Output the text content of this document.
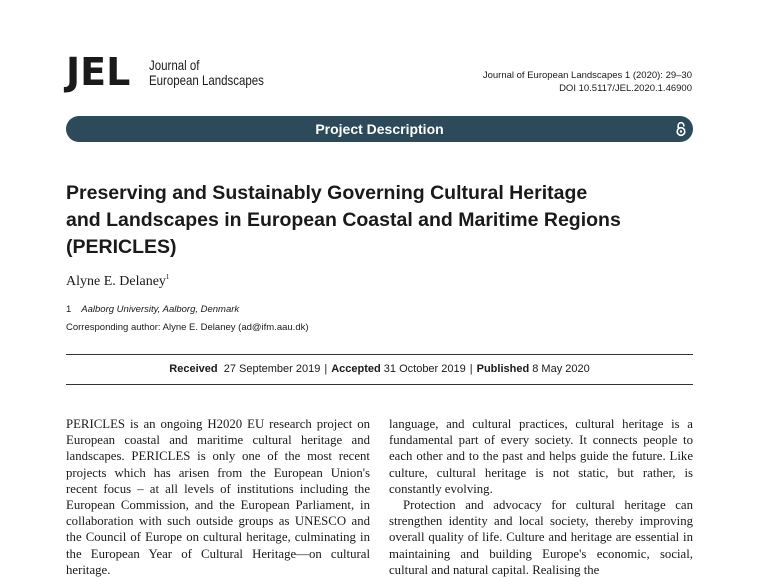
JEL Journal of
European Landscapes	Journal of European Landscapes 1 (2020): 29–30
DOI 10.5117/JEL.2020.1.46900
Project Description
Preserving and Sustainably Governing Cultural Heritage
and Landscapes in European Coastal and Maritime Regions
(PERICLES)
Alyne E. Delaney$^1$
1 Aalborg University, Aalborg, Denmark
Corresponding author: Alyne E. Delaney (ad@ifm.aau.dk)
Received 27 September 2019 | Accepted 31 October 2019 | Published 8 May 2020

PERICLES is an ongoing H2020 EU research project on European coastal and maritime cultural heritage and landscapes. PERICLES is only one of the most recent projects which has arisen from the European Union's recent focus – at all levels of institutions including the European Commission, and the European Parliament, in collaboration with such outside groups as UNESCO and the Council of Europe on cultural heritage, culminating in the European Year of Cultural Heritage—on cultural heritage.

language, and cultural practices, cultural heritage is a fundamental part of every society. It connects people to each other and to the past and helps guide the future. Like culture, cultural heritage is not static, but rather, is constantly evolving.

Protection and advocacy for cultural heritage can strengthen identity and local society, thereby improving overall quality of life. Culture and heritage are essential in maintaining and building Europe's economic, social, cultural and natural capital. Realising the
